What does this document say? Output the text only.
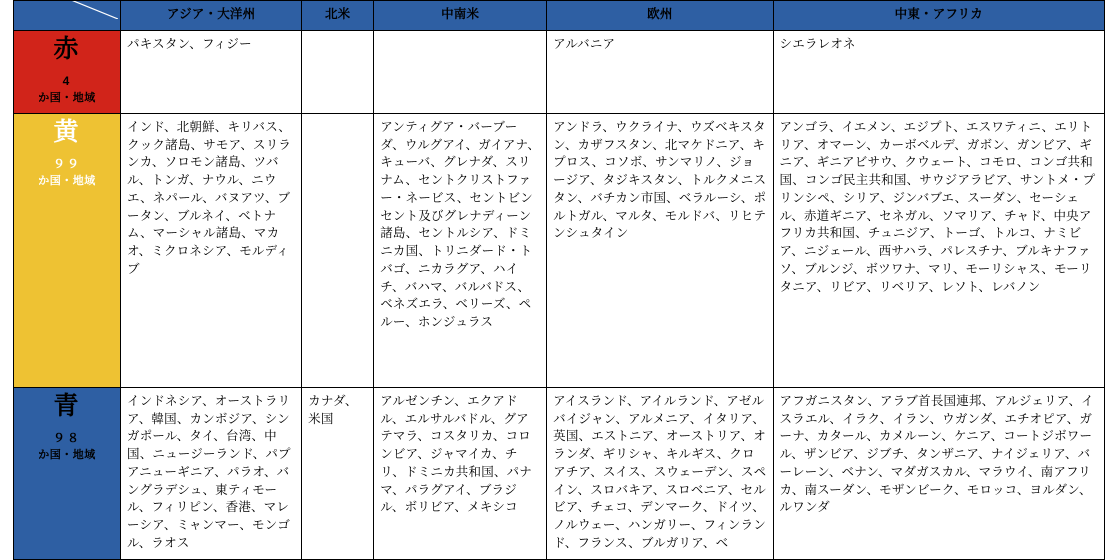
	アジア・大洋州	北米	中南米	欧州	中東・アフリカ

赤
4
か国・地域	パキスタン、フィジー			アルバニア	シエラレオネ

黄
９９
か国・地域
	インド、北朝鮮、キリバス、クック諸島、サモア、スリランカ、ソロモン諸島、ツバル、トンガ、ナウル、ニウエ、ネパール、バヌアツ、ブータン、ブルネイ、ベトナム、マーシャル諸島、マカオ、ミクロネシア、モルディブ		アンティグア・バーブーダ、ウルグアイ、ガイアナ、キューバ、グレナダ、スリナム、セントクリストファー・ネービス、セントビンセント及びグレナディーン諸島、セントルシア、ドミニカ国、トリニダード・トバゴ、ニカラグア、ハイチ、バハマ、バルバドス、ベネズエラ、ベリーズ、ペルー、ホンジュラス	アンドラ、ウクライナ、ウズベキスタン、カザフスタン、北マケドニア、キプロス、コソボ、サンマリノ、ジョージア、タジキスタン、トルクメニスタン、バチカン市国、ベラルーシ、ポルトガル、マルタ、モルドバ、リヒテンシュタイン	アンゴラ、イエメン、エジプト、エスワティニ、エリトリア、オマーン、カーボベルデ、ガボン、ガンビア、ギニア、ギニアビサウ、クウェート、コモロ、コンゴ共和国、コンゴ民主共和国、サウジアラビア、サントメ・プリンシペ、シリア、ジンバブエ、スーダン、セーシェル、赤道ギニア、セネガル、ソマリア、チャド、中央アフリカ共和国、チュニジア、トーゴ、トルコ、ナミビア、ニジェール、西サハラ、パレスチナ、ブルキナファソ、ブルンジ、ボツワナ、マリ、モーリシャス、モーリタニア、リビア、リベリア、レソト、レバノン

青
９８
か国・地域	インドネシア、オーストラリア、韓国、カンボジア、シンガポール、タイ、台湾、中国、ニュージーランド、パプアニューギニア、パラオ、バングラデシュ、東ティモール、フィリピン、香港、マレーシア、ミャンマー、モンゴル、ラオス	カナダ、米国	アルゼンチン、エクアドル、エルサルバドル、グアテマラ、コスタリカ、コロンビア、ジャマイカ、チリ、ドミニカ共和国、パナマ、パラグアイ、ブラジル、ボリビア、メキシコ	アイスランド、アイルランド、アゼルバイジャン、アルメニア、イタリア、英国、エストニア、オーストリア、オランダ、ギリシャ、キルギス、クロアチア、スイス、スウェーデン、スペイン、スロバキア、スロベニア、セルビア、チェコ、デンマーク、ドイツ、ノルウェー、ハンガリー、フィンランド、フランス、ブルガリア、ベ	アフガニスタン、アラブ首長国連邦、アルジェリア、イスラエル、イラク、イラン、ウガンダ、エチオピア、ガーナ、カタール、カメルーン、ケニア、コートジボワール、ザンビア、ジブチ、タンザニア、ナイジェリア、バーレーン、ベナン、マダガスカル、マラウイ、南アフリカ、南スーダン、モザンビーク、モロッコ、ヨルダン、ルワンダ
